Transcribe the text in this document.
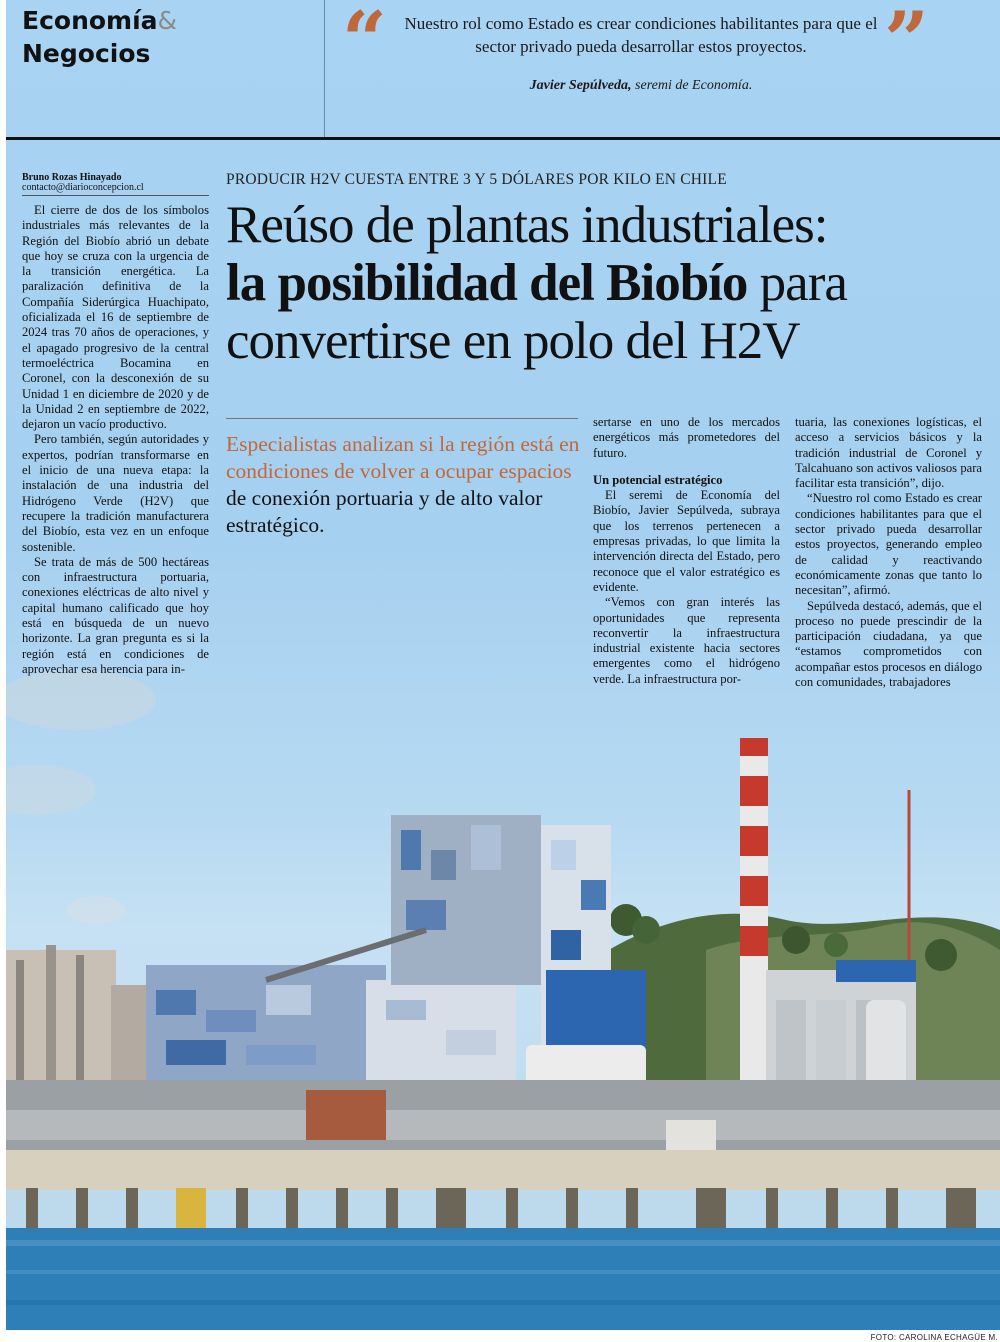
FOTO: CAROLINA ECHAGÜE M.
Economía&
Negocios	“ Nuestro rol como Estado es crear condiciones habilitantes para que el sector privado pueda desarrollar estos proyectos. ”
Javier Sepúlveda, seremi de Economía.
Bruno Rozas Hinayado
contacto@diarioconcepcion.cl	PRODUCIR H2V CUESTA ENTRE 3 Y 5 DÓLARES POR KILO EN CHILE
Reúso de plantas industriales:
la posibilidad del Biobío para
convertirse en polo del H2V
Especialistas analizan si la región está en condiciones de volver a ocupar espacios de conexión portuaria y de alto valor estratégico.

El cierre de dos de los símbolos industriales más relevantes de la Región del Biobío abrió un debate que hoy se cruza con la urgencia de la transición energética. La paralización definitiva de la Compañía Siderúrgica Huachipato, oficializada el 16 de septiembre de 2024 tras 70 años de operaciones, y el apagado progresivo de la central termoeléctrica Bocamina en Coronel, con la desconexión de su Unidad 1 en diciembre de 2020 y de la Unidad 2 en septiembre de 2022, dejaron un vacío productivo.

Pero también, según autoridades y expertos, podrían transformarse en el inicio de una nueva etapa: la instalación de una industria del Hidrógeno Verde (H2V) que recupere la tradición manufacturera del Biobío, esta vez en un enfoque sostenible.

Se trata de más de 500 hectáreas con infraestructura portuaria, conexiones eléctricas de alto nivel y capital humano calificado que hoy está en búsqueda de un nuevo horizonte. La gran pregunta es si la región está en condiciones de aprovechar esa herencia para in-

sertarse en uno de los mercados energéticos más prometedores del futuro.

Un potencial estratégico

El seremi de Economía del Biobío, Javier Sepúlveda, subraya que los terrenos pertenecen a empresas privadas, lo que limita la intervención directa del Estado, pero reconoce que el valor estratégico es evidente.

“Vemos con gran interés las oportunidades que representa reconvertir la infraestructura industrial existente hacia sectores emergentes como el hidrógeno verde. La infraestructura por-

tuaria, las conexiones logísticas, el acceso a servicios básicos y la tradición industrial de Coronel y Talcahuano son activos valiosos para facilitar esta transición”, dijo.

“Nuestro rol como Estado es crear condiciones habilitantes para que el sector privado pueda desarrollar estos proyectos, generando empleo de calidad y reactivando económicamente zonas que tanto lo necesitan”, afirmó.

Sepúlveda destacó, además, que el proceso no puede prescindir de la participación ciudadana, ya que “estamos comprometidos con acompañar estos procesos en diálogo con comunidades, trabajadores
